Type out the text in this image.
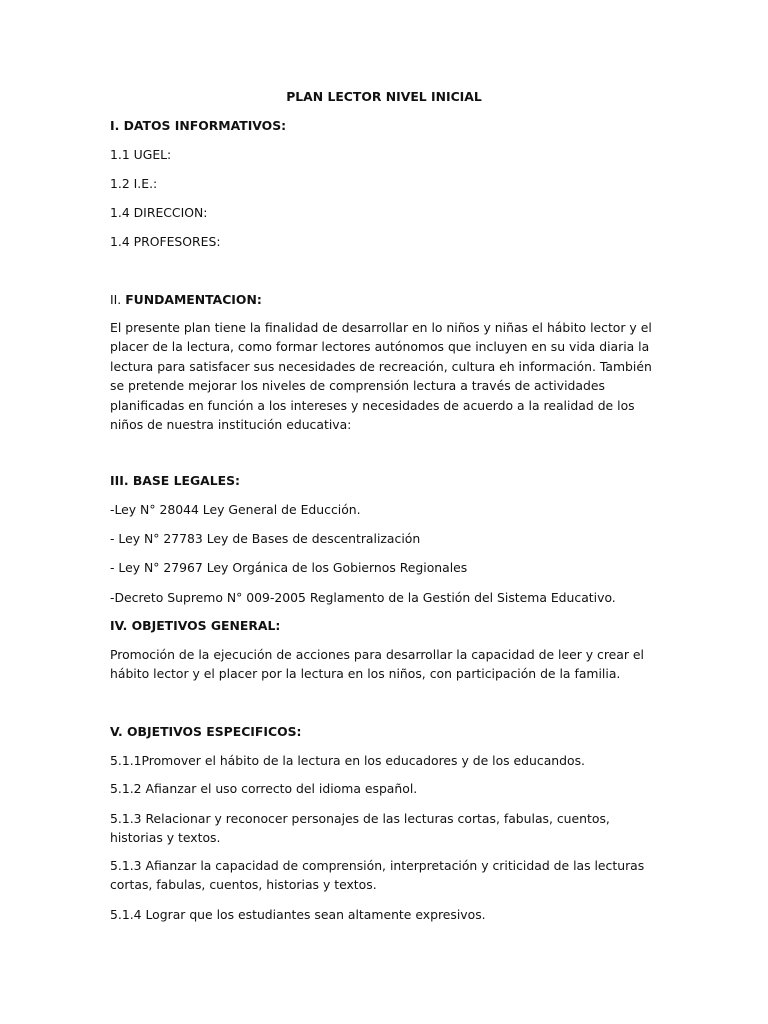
PLAN LECTOR NIVEL INICIAL
I. DATOS INFORMATIVOS:
1.1 UGEL:
1.2 I.E.:
1.4 DIRECCION:
1.4 PROFESORES:
II. FUNDAMENTACION:
El presente plan tiene la finalidad de desarrollar en lo niños y niñas el hábito lector y el
placer de la lectura, como formar lectores autónomos que incluyen en su vida diaria la
lectura para satisfacer sus necesidades de recreación, cultura eh información. También
se pretende mejorar los niveles de comprensión lectura a través de actividades
planificadas en función a los intereses y necesidades de acuerdo a la realidad de los
niños de nuestra institución educativa:
III. BASE LEGALES:
-Ley N° 28044 Ley General de Educción.
- Ley N° 27783 Ley de Bases de descentralización
- Ley N° 27967 Ley Orgánica de los Gobiernos Regionales
-Decreto Supremo N° 009-2005 Reglamento de la Gestión del Sistema Educativo.
IV. OBJETIVOS GENERAL:
Promoción de la ejecución de acciones para desarrollar la capacidad de leer y crear el
hábito lector y el placer por la lectura en los niños, con participación de la familia.
V. OBJETIVOS ESPECIFICOS:
5.1.1Promover el hábito de la lectura en los educadores y de los educandos.
5.1.2 Afianzar el uso correcto del idioma español.
5.1.3 Relacionar y reconocer personajes de las lecturas cortas, fabulas, cuentos,
historias y textos.
5.1.3 Afianzar la capacidad de comprensión, interpretación y criticidad de las lecturas
cortas, fabulas, cuentos, historias y textos.
5.1.4 Lograr que los estudiantes sean altamente expresivos.
